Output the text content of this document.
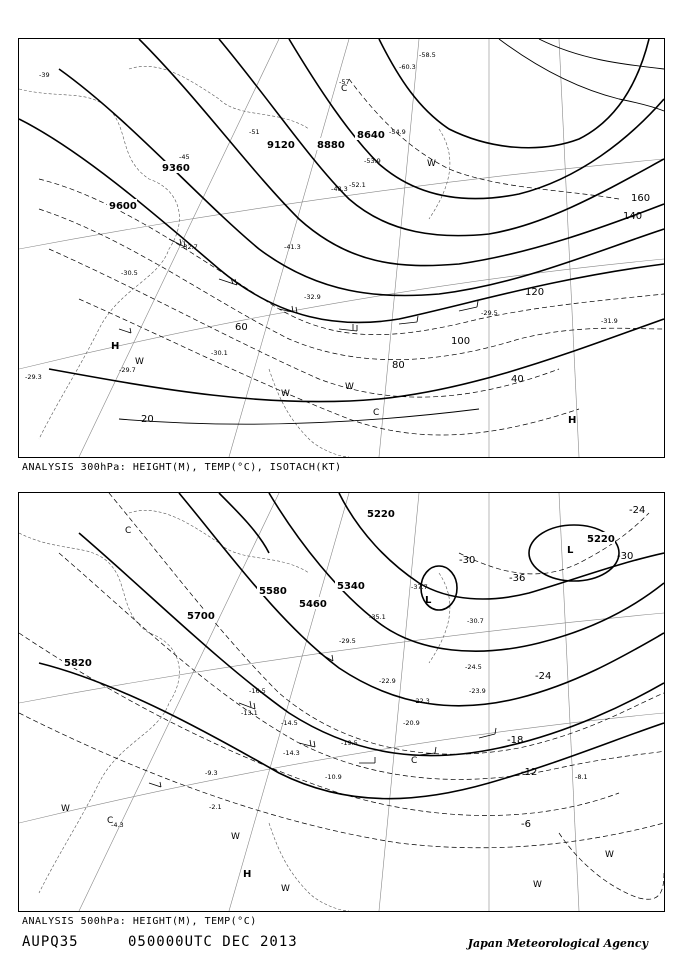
9600
9360
9120 8880
8640
20
40
60
80
100
120
140
160
-39
-45
-51
-57
-54.9
-58.5
-60.3
-48.3 -52.1
-53.9
-41.3
-32.7
-32.9
-30.5
-29.7
-30.1
-29.5
-31.9
-29.3
H
H
W
W
W
C
W
C
ANALYSIS 300hPa: HEIGHT(M), TEMP(°C), ISOTACH(KT)
5820
5700
5580
5460
5340
5220
5220
-36
-30
-24
-18
-12
-6
-30
-24
-37.7
-35.1
-29.5
-22.9
-19.5
-20.9
-14.3
-10.9
-16.5
-13.1
-14.5
-9.3
-2.1
-4.3
-8.1
-22.3
-23.9
-24.5
-30.7
L
L
H
C
C
W
W
W
W
W
C
ANALYSIS 500hPa: HEIGHT(M), TEMP(°C)
AUPQ35	050000UTC DEC 2013	Japan Meteorological Agency
